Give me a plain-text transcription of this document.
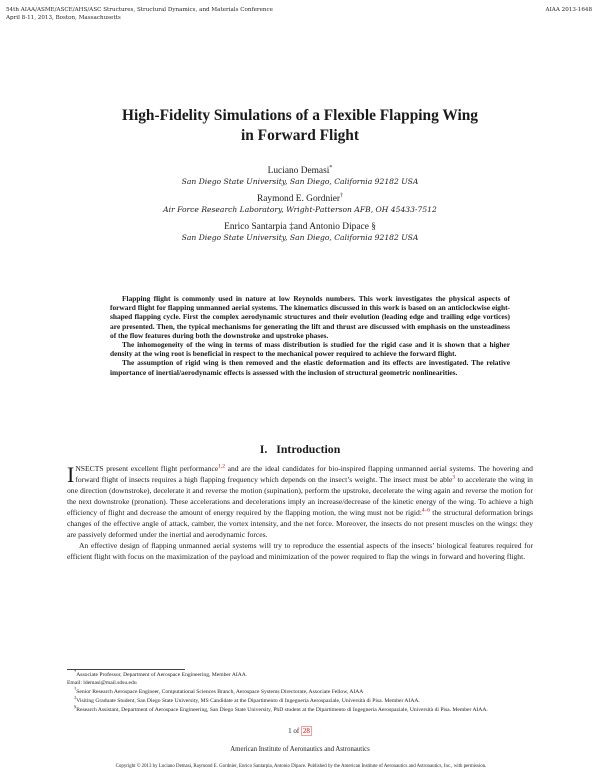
54th AIAA/ASME/ASCE/AHS/ASC Structures, Structural Dynamics, and Materials Conference
April 8-11, 2013, Boston, Massachusetts
AIAA 2013-1648
High-Fidelity Simulations of a Flexible Flapping Wing
in Forward Flight
Luciano Demasi*
San Diego State University, San Diego, California 92182 USA
Raymond E. Gordnier†
Air Force Research Laboratory, Wright-Patterson AFB, OH 45433-7512
Enrico Santarpia ‡and Antonio Dipace §
San Diego State University, San Diego, California 92182 USA

Flapping flight is commonly used in nature at low Reynolds numbers. This work investigates the physical aspects of forward flight for flapping unmanned aerial systems. The kinematics discussed in this work is based on an anticlockwise eight-shaped flapping cycle. First the complex aerodynamic structures and their evolution (leading edge and trailing edge vortices) are presented. Then, the typical mechanisms for generating the lift and thrust are discussed with emphasis on the unsteadiness of the flow features during both the downstroke and upstroke phases.

The inhomogeneity of the wing in terms of mass distribution is studied for the rigid case and it is shown that a higher density at the wing root is beneficial in respect to the mechanical power required to achieve the forward flight.

The assumption of rigid wing is then removed and the elastic deformation and its effects are investigated. The relative importance of inertial/aerodynamic effects is assessed with the inclusion of structural geometric nonlinearities.

I. Introduction

INSECTS present excellent flight performance$^{1,2}$ and are the ideal candidates for bio-inspired flapping unmanned aerial systems. The hovering and forward flight of insects requires a high flapping frequency which depends on the insect’s weight. The insect must be able$^3$ to accelerate the wing in one direction (downstroke), decelerate it and reverse the motion (supination), perform the upstroke, decelerate the wing again and reverse the motion for the next downstroke (pronation). These accelerations and decelerations imply an increase/decrease of the kinetic energy of the wing. To achieve a high efficiency of flight and decrease the amount of energy required by the flapping motion, the wing must not be rigid:$^{4-6}$ the structural deformation brings changes of the effective angle of attack, camber, the vortex intensity, and the net force. Moreover, the insects do not present muscles on the wings: they are passively deformed under the inertial and aerodynamic forces.

An effective design of flapping unmanned aerial systems will try to reproduce the essential aspects of the insects’ biological features required for efficient flight with focus on the maximization of the payload and minimization of the power required to flap the wings in forward and hovering flight.

*Associate Professor, Department of Aerospace Engineering, Member AIAA.
Email: ldemasi@mail.sdsu.edu

†Senior Research Aerospace Engineer, Computational Sciences Branch, Aerospace Systems Directorate, Associate Fellow, AIAA

‡Visiting Graduate Student, San Diego State University, MS Candidate at the Dipartimento di Ingegneria Aerospaziale, Università di Pisa. Member AIAA.

§Research Assistant, Department of Aerospace Engineering, San Diego State University, PhD student at the Dipartimento di Ingegneria Aerospaziale, Università di Pisa. Member AIAA.

1 of 28
American Institute of Aeronautics and Astronautics
Copyright © 2013 by Luciano Demasi, Raymond E. Gordnier, Enrico Santarpia, Antonio Dipace. Published by the American Institute of Aeronautics and Astronautics, Inc., with permission.
